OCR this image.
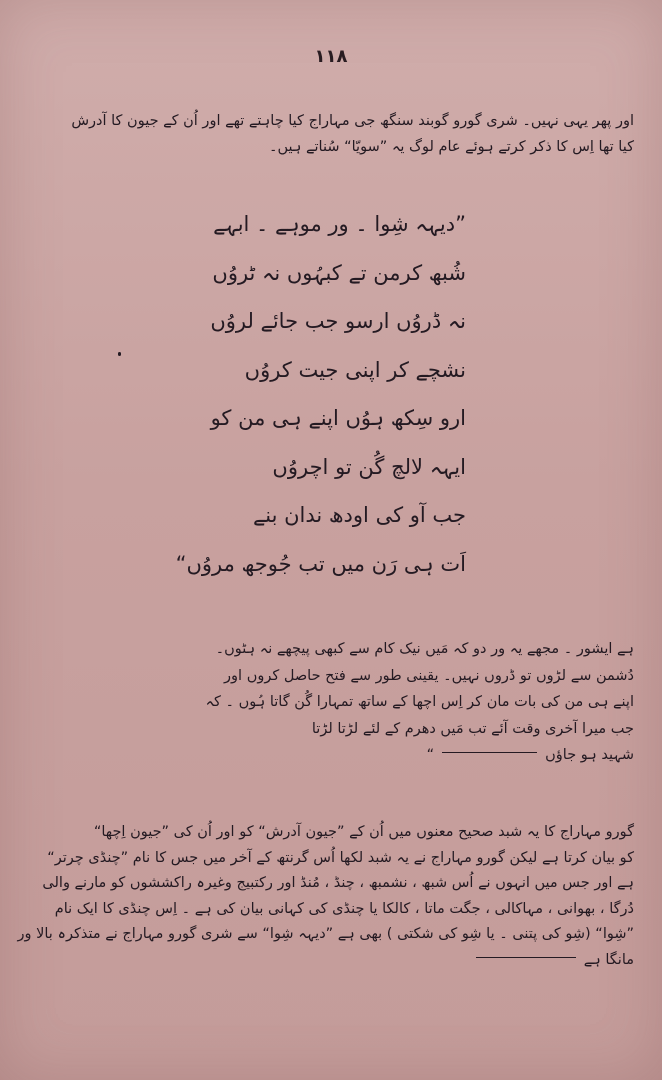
۱۱۸
اور پھر یہی نہیں۔ شری گورو گوبند سنگھ جی مہاراج کیا چاہتے تھے اور اُن کے جیون کا آدرش
کیا تھا اِس کا ذکر کرتے ہوئے عام لوگ یہ ”سویّا“ سُناتے ہیں۔
”دیہہ شِوا ۔ ور موہے ۔ ابہے
شُبھ کرمن تے کبہُوں نہ ٹروُں
نہ ڈروُں ارسو جب جائے لروُں
نشچے کر اپنی جیت کروُں
ارو سِکھ ہوُں اپنے ہی من کو
ایہہ لالچ گُن تو اچروُں
جب آو کی اودھ ندان بنے
اَت ہی رَن میں تب جُوجھ مروُں“
ہے ایشور ۔ مجھے یہ ور دو کہ مَیں نیک کام سے کبھی پیچھے نہ ہٹوں۔
دُشمن سے لڑوں تو ڈروں نہیں۔ یقینی طور سے فتح حاصل کروں اور
اپنے ہی من کی بات مان کر اِس اچھا کے ساتھ تمہارا گُن گاتا ہُوں ۔ کہ
جب میرا آخری وقت آئے تب مَیں دھرم کے لئے لڑتا لڑتا
شہید ہو جاؤں“
گورو مہاراج کا یہ شبد صحیح معنوں میں اُن کے ”جیون آدرش“ کو اور اُن کی ”جیون اِچھا“
کو بیان کرتا ہے لیکن گورو مہاراج نے یہ شبد لکھا اُس گرنتھ کے آخر میں جس کا نام ”چنڈی چرتر“
ہے اور جس میں انہوں نے اُس شبھ ، نشمبھ ، چنڈ ، مُنڈ اور رکتبیج وغیرہ راکششوں کو مارنے والی
دُرگا ، بھوانی ، مہاکالی ، جگت ماتا ، کالکا یا چنڈی کی کہانی بیان کی ہے ۔ اِس چنڈی کا ایک نام
”شِوا“ (شِو کی پتنی ۔ یا شِو کی شکتی ) بھی ہے ”دیہہ شِوا“ سے شری گورو مہاراج نے متذکرہ بالا ور
مانگا ہے
